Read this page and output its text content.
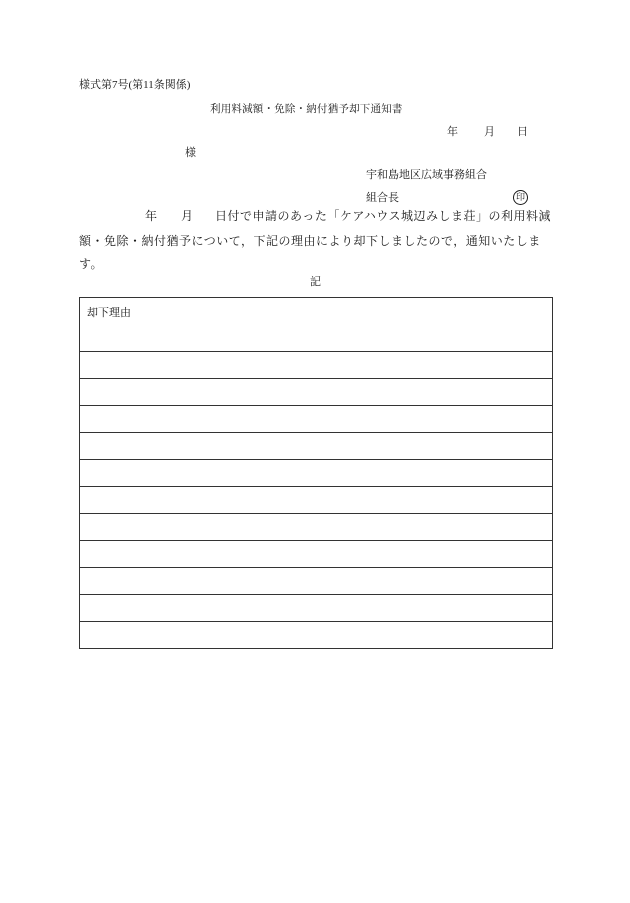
様式第7号(第11条関係)
利用料減額・免除・納付猶予却下通知書
年 月 日
様
宇和島地区広域事務組合
組合長	印
年 月 日付で申請のあった「ケアハウス城辺みしま荘」の利用料減
額・免除・納付猶予について，下記の理由により却下しましたので，通知いたしま
す。
記
却下理由
